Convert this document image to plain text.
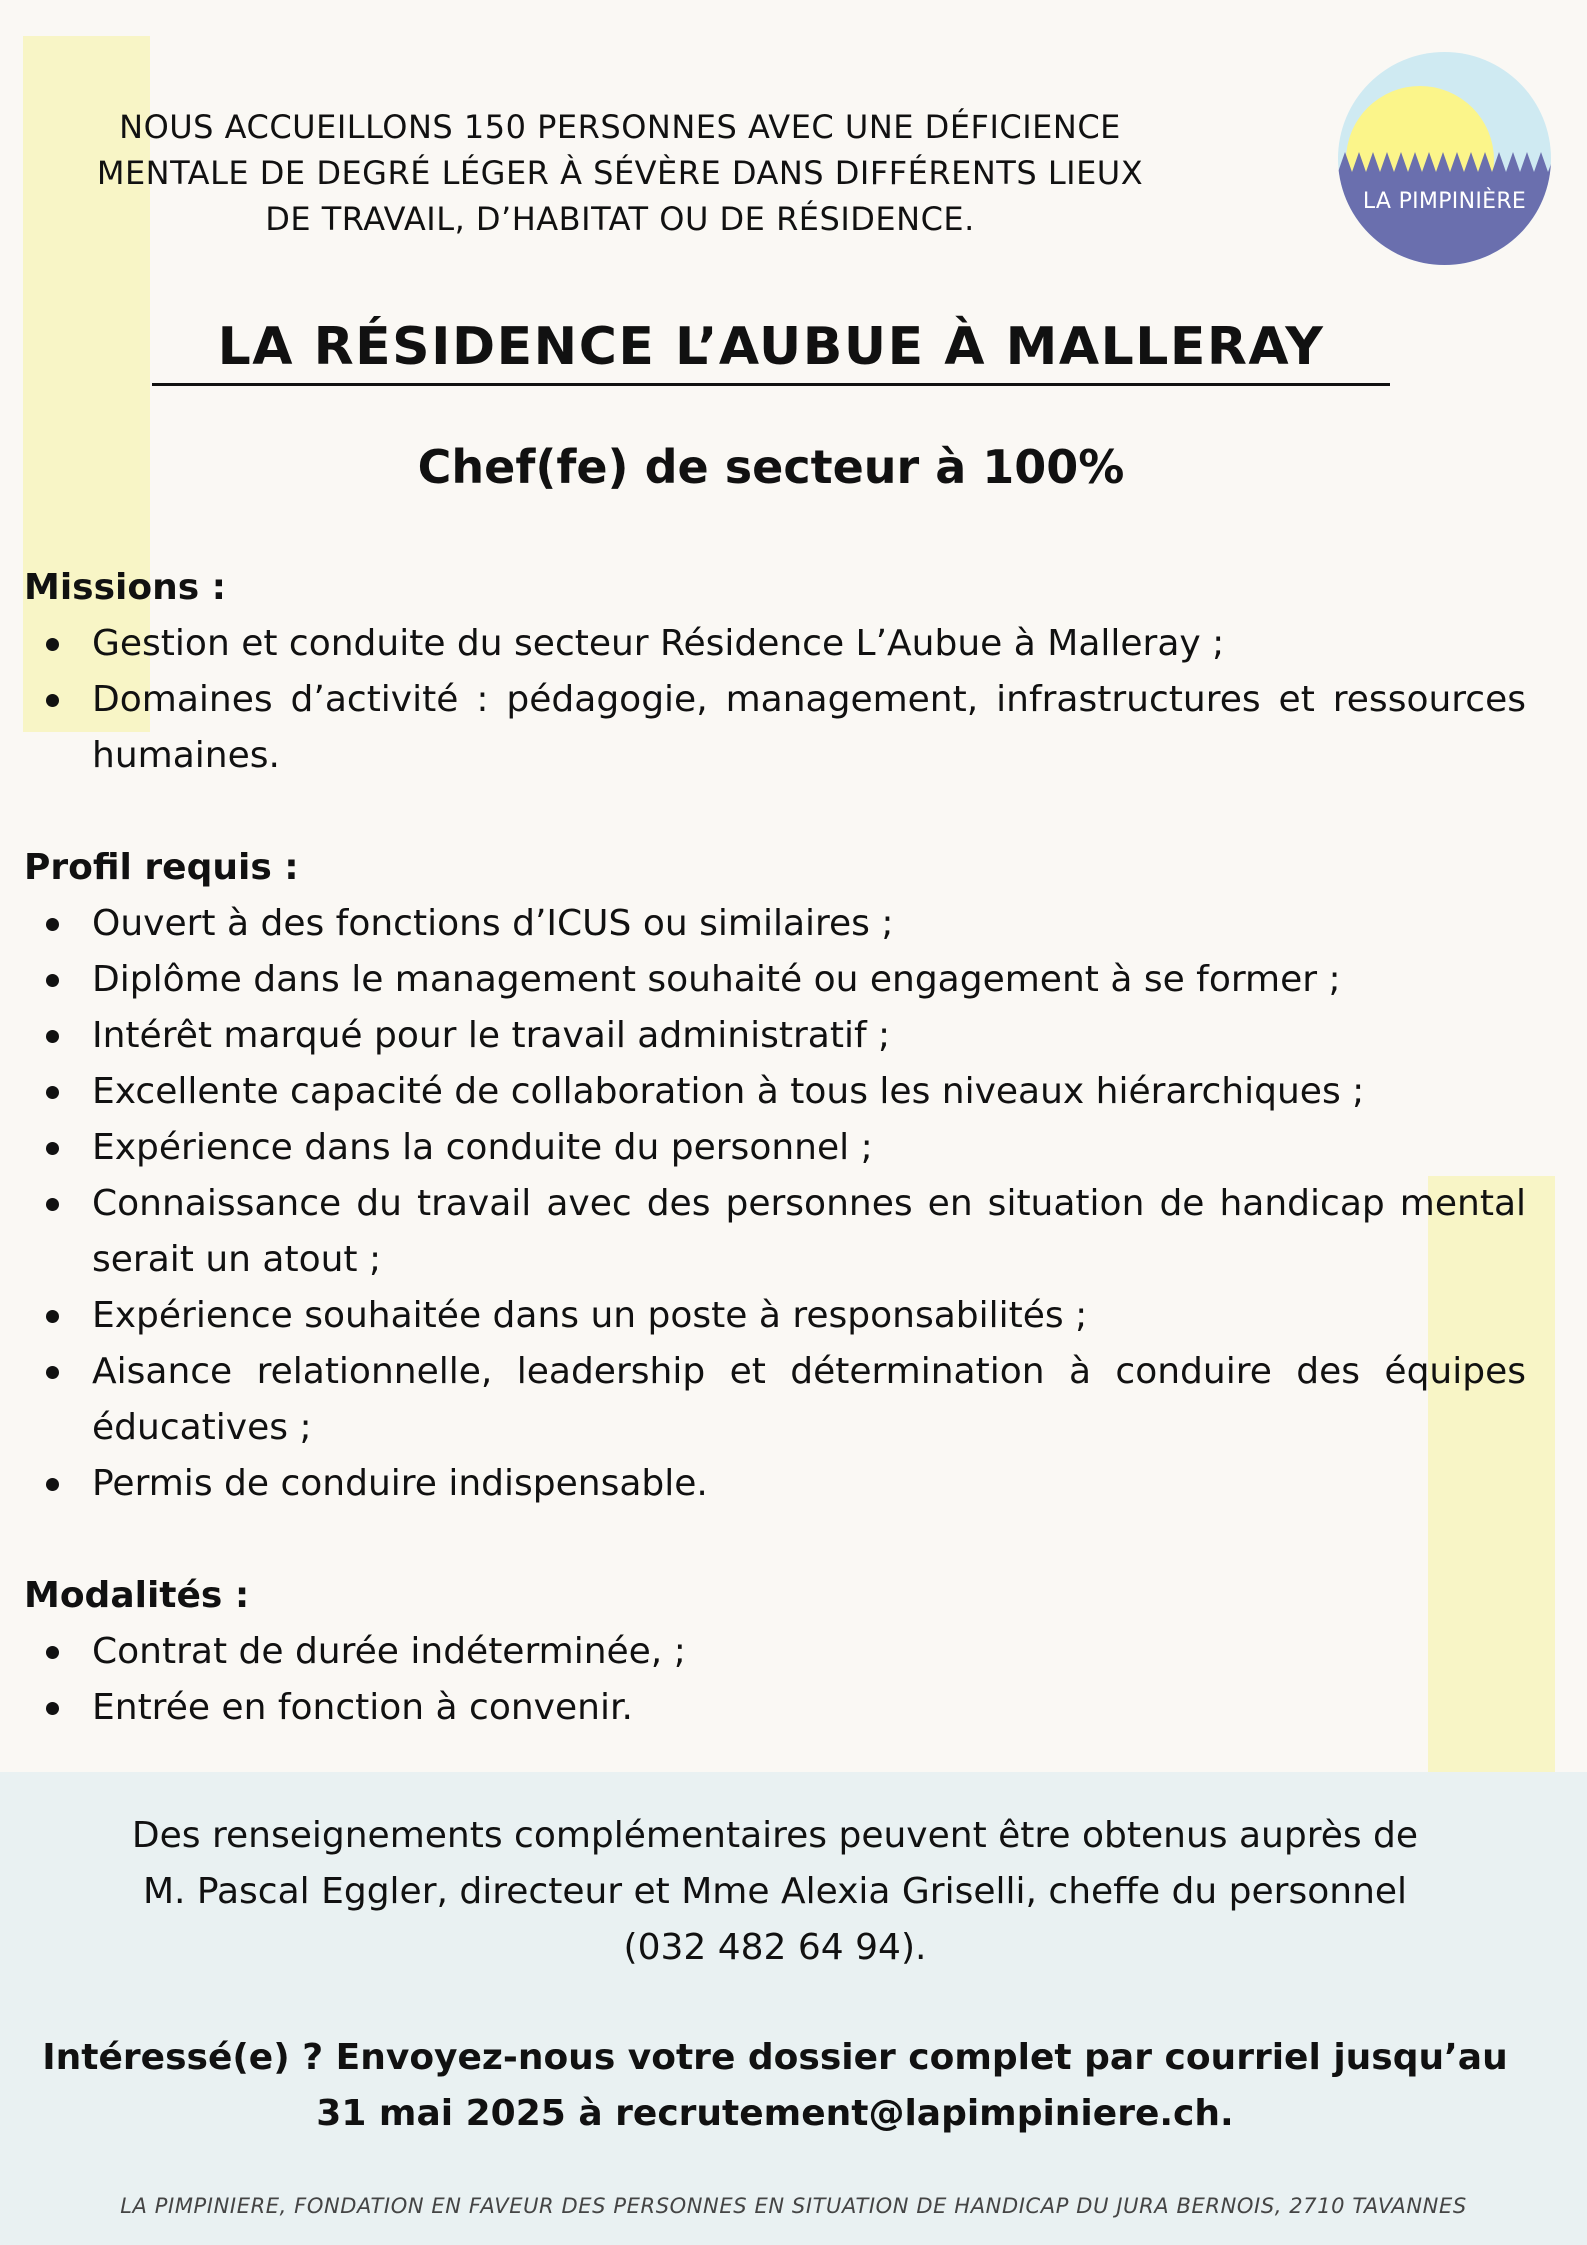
LA PIMPINIÈRE
NOUS ACCUEILLONS 150 PERSONNES AVEC UNE DÉFICIENCE
MENTALE DE DEGRÉ LÉGER À SÉVÈRE DANS DIFFÉRENTS LIEUX
DE TRAVAIL, D’HABITAT OU DE RÉSIDENCE.
LA RÉSIDENCE L’AUBUE À MALLERAY
Chef(fe) de secteur à 100%
Missions :
Gestion et conduite du secteur Résidence L’Aubue à Malleray ;
Domaines d’activité : pédagogie, management, infrastructures et ressources humaines.
Profil requis :
Ouvert à des fonctions d’ICUS ou similaires ;
Diplôme dans le management souhaité ou engagement à se former ;
Intérêt marqué pour le travail administratif ;
Excellente capacité de collaboration à tous les niveaux hiérarchiques ;
Expérience dans la conduite du personnel ;
Connaissance du travail avec des personnes en situation de handicap mental serait un atout ;
Expérience souhaitée dans un poste à responsabilités ;
Aisance relationnelle, leadership et détermination à conduire des équipes éducatives ;
Permis de conduire indispensable.
Modalités :
Contrat de durée indéterminée, ;
Entrée en fonction à convenir.

Des renseignements complémentaires peuvent être obtenus auprès de

M. Pascal Eggler, directeur et Mme Alexia Griselli, cheffe du personnel

(032 482 64 94).

Intéressé(e) ? Envoyez-nous votre dossier complet par courriel jusqu’au

31 mai 2025 à recrutement@lapimpiniere.ch.

LA PIMPINIERE, FONDATION EN FAVEUR DES PERSONNES EN SITUATION DE HANDICAP DU JURA BERNOIS, 2710 TAVANNES
